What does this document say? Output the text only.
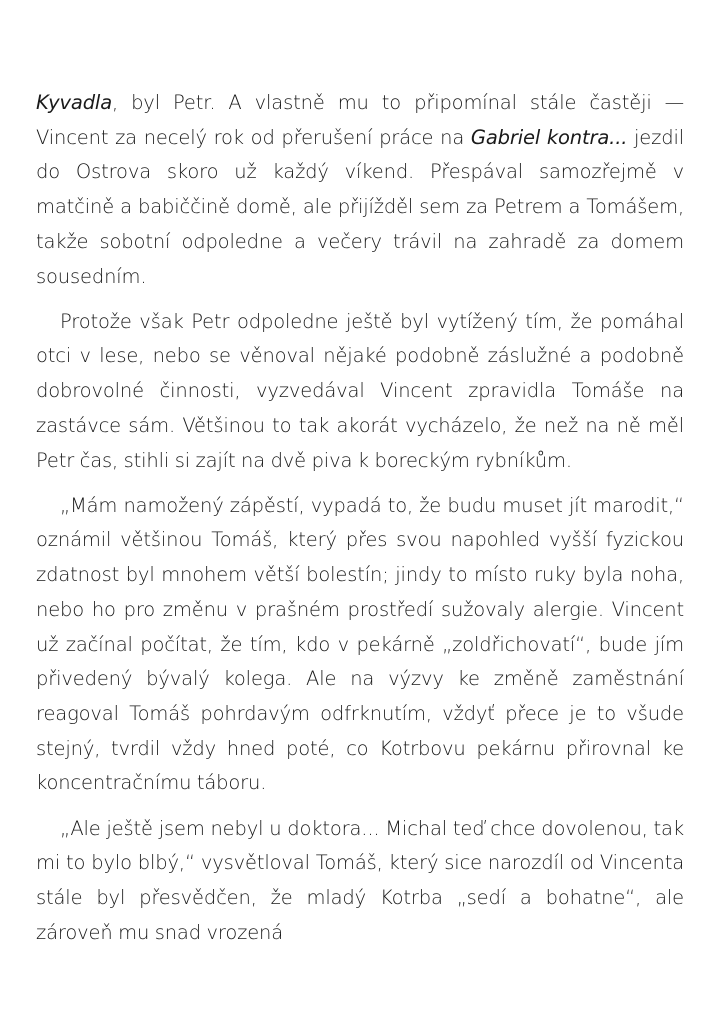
Kyvadla, byl Petr. A vlastně mu to připomínal stále častěji — Vincent za necelý rok od přerušení práce na Gabriel kontra... jezdil do Ostrova skoro už každý víkend. Přespával samozřejmě v matčině a babiččině domě, ale přijížděl sem za Petrem a Tomášem, takže sobotní odpoledne a večery trávil na zahradě za domem sousedním.

Protože však Petr odpoledne ještě byl vytížený tím, že pomáhal otci v lese, nebo se věnoval nějaké podobně záslužné a podobně dobrovolné činnosti, vyzvedával Vincent zpravidla Tomáše na zastávce sám. Většinou to tak akorát vycházelo, že než na ně měl Petr čas, stihli si zajít na dvě piva k boreckým rybníkům.

„Mám namožený zápěstí, vypadá to, že budu muset jít marodit,“ oznámil většinou Tomáš, který přes svou napohled vyšší fyzickou zdatnost byl mnohem větší bolestín; jindy to místo ruky byla noha, nebo ho pro změnu v prašném prostředí sužovaly alergie. Vincent už začínal počítat, že tím, kdo v pekárně „zoldřichovatí“, bude jím přivedený bývalý kolega. Ale na výzvy ke změně zaměstnání reagoval Tomáš pohrdavým odfrknutím, vždyť přece je to všude stejný, tvrdil vždy hned poté, co Kotrbovu pekárnu přirovnal ke koncentračnímu táboru.

„Ale ještě jsem nebyl u doktora... Michal teď chce dovolenou, tak mi to bylo blbý,“ vysvětloval Tomáš, který sice narozdíl od Vincenta stále byl přesvědčen, že mladý Kotrba „sedí a bohatne“, ale zároveň mu snad vrozená
